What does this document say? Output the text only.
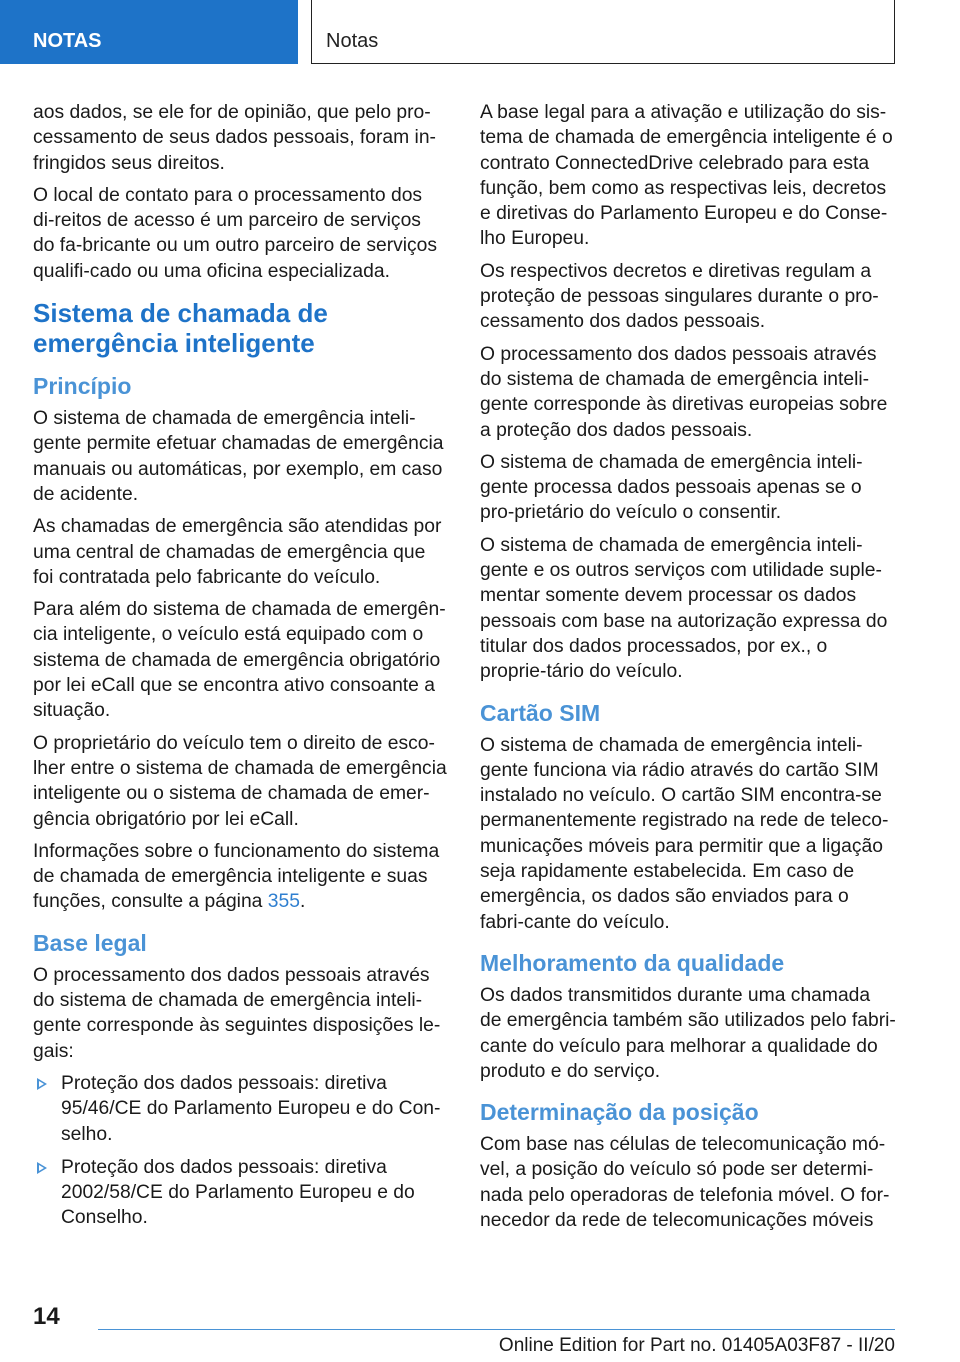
NOTAS	Notas

aos dados, se ele for de opinião, que pelo pro-cessamento de seus dados pessoais, foram in-fringidos seus direitos.

O local de contato para o processamento dos di-reitos de acesso é um parceiro de serviços do fa-bricante ou um outro parceiro de serviços qualifi-cado ou uma oficina especializada.

Sistema de chamada de emergência inteligente
Princípio

O sistema de chamada de emergência inteli-gente permite efetuar chamadas de emergência manuais ou automáticas, por exemplo, em caso de acidente.

As chamadas de emergência são atendidas por uma central de chamadas de emergência que foi contratada pelo fabricante do veículo.

Para além do sistema de chamada de emergên-cia inteligente, o veículo está equipado com o sistema de chamada de emergência obrigatório por lei eCall que se encontra ativo consoante a situação.

O proprietário do veículo tem o direito de esco-lher entre o sistema de chamada de emergência inteligente ou o sistema de chamada de emer-gência obrigatório por lei eCall.

Informações sobre o funcionamento do sistema de chamada de emergência inteligente e suas funções, consulte a página 355.

Base legal

O processamento dos dados pessoais através do sistema de chamada de emergência inteli-gente corresponde às seguintes disposições le-gais:

Proteção dos dados pessoais: diretiva 95/46/CE do Parlamento Europeu e do Con-selho.
Proteção dos dados pessoais: diretiva 2002/58/CE do Parlamento Europeu e do Conselho.

A base legal para a ativação e utilização do sis-tema de chamada de emergência inteligente é o contrato ConnectedDrive celebrado para esta função, bem como as respectivas leis, decretos e diretivas do Parlamento Europeu e do Conse-lho Europeu.

Os respectivos decretos e diretivas regulam a proteção de pessoas singulares durante o pro-cessamento dos dados pessoais.

O processamento dos dados pessoais através do sistema de chamada de emergência inteli-gente corresponde às diretivas europeias sobre a proteção dos dados pessoais.

O sistema de chamada de emergência inteli-gente processa dados pessoais apenas se o pro-prietário do veículo o consentir.

O sistema de chamada de emergência inteli-gente e os outros serviços com utilidade suple-mentar somente devem processar os dados pessoais com base na autorização expressa do titular dos dados processados, por ex., o proprie-tário do veículo.

Cartão SIM

O sistema de chamada de emergência inteli-gente funciona via rádio através do cartão SIM instalado no veículo. O cartão SIM encontra-se permanentemente registrado na rede de teleco-municações móveis para permitir que a ligação seja rapidamente estabelecida. Em caso de emergência, os dados são enviados para o fabri-cante do veículo.

Melhoramento da qualidade

Os dados transmitidos durante uma chamada de emergência também são utilizados pelo fabri-cante do veículo para melhorar a qualidade do produto e do serviço.

Determinação da posição

Com base nas células de telecomunicação mó-vel, a posição do veículo só pode ser determi-nada pelo operadoras de telefonia móvel. O for-necedor da rede de telecomunicações móveis

14
Online Edition for Part no. 01405A03F87 - II/20
